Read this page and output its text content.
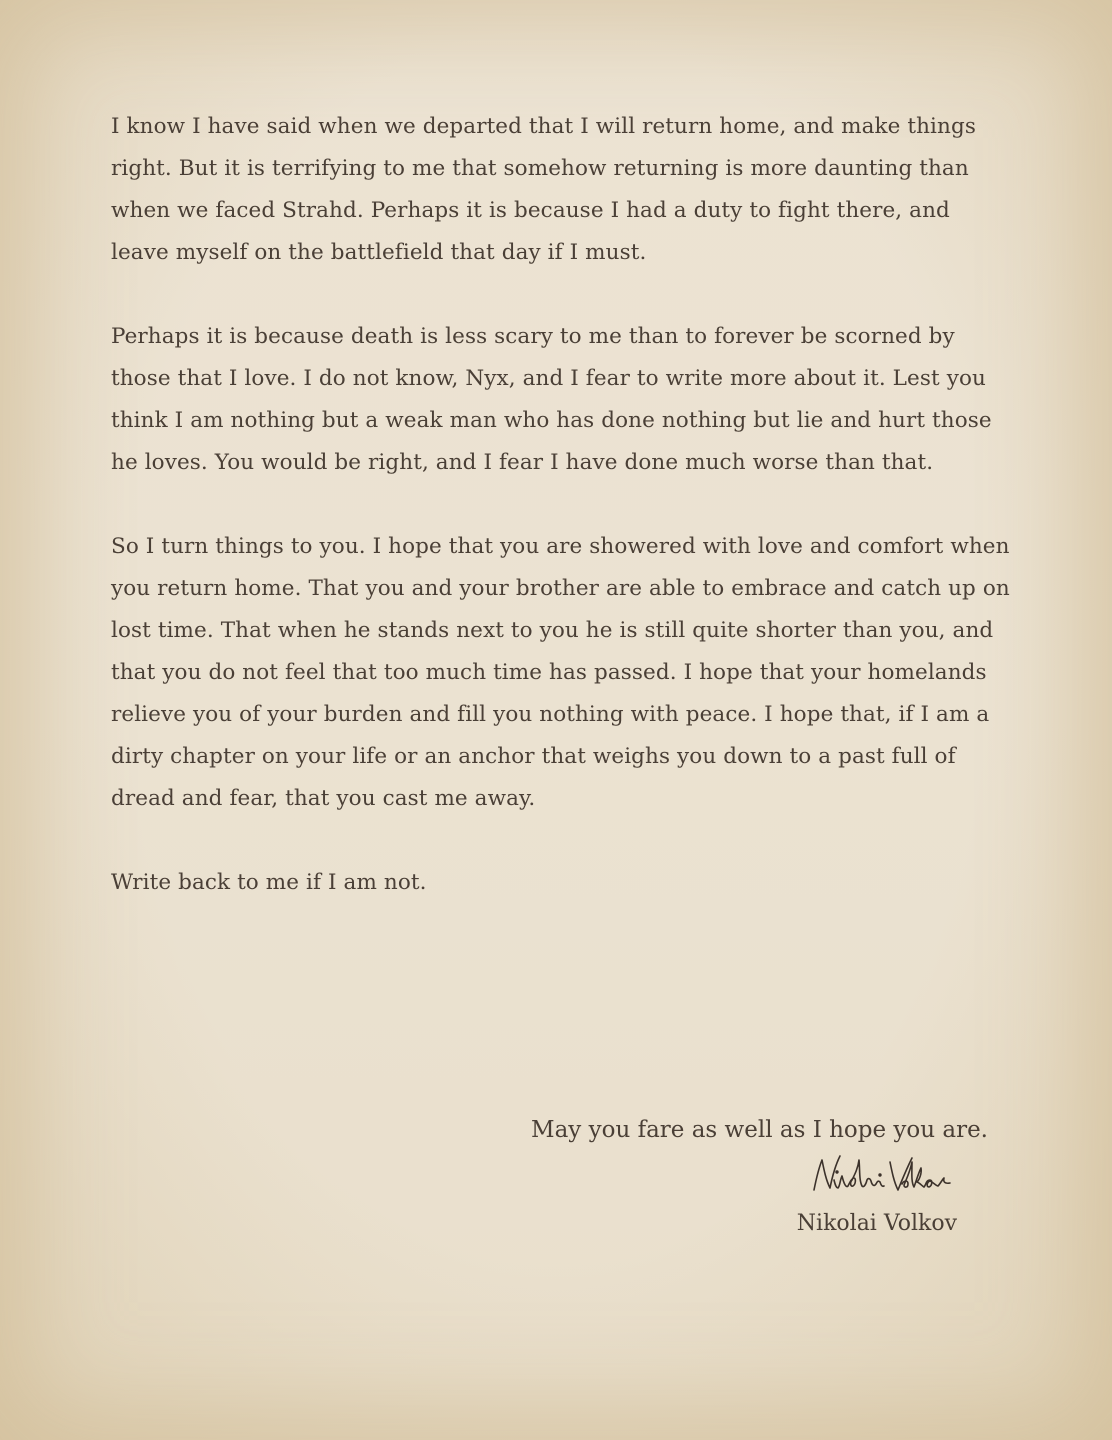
I know I have said when we departed that I will return home, and make things right. But it is terrifying to me that somehow returning is more daunting than when we faced Strahd. Perhaps it is because I had a duty to fight there, and leave myself on the battlefield that day if I must.

Perhaps it is because death is less scary to me than to forever be scorned by those that I love. I do not know, Nyx, and I fear to write more about it. Lest you think I am nothing but a weak man who has done nothing but lie and hurt those he loves. You would be right, and I fear I have done much worse than that.

So I turn things to you. I hope that you are showered with love and comfort when you return home. That you and your brother are able to embrace and catch up on lost time. That when he stands next to you he is still quite shorter than you, and that you do not feel that too much time has passed. I hope that your homelands relieve you of your burden and fill you nothing with peace. I hope that, if I am a dirty chapter on your life or an anchor that weighs you down to a past full of dread and fear, that you cast me away.

Write back to me if I am not.

May you fare as well as I hope you are.
Nikolai Volkov
